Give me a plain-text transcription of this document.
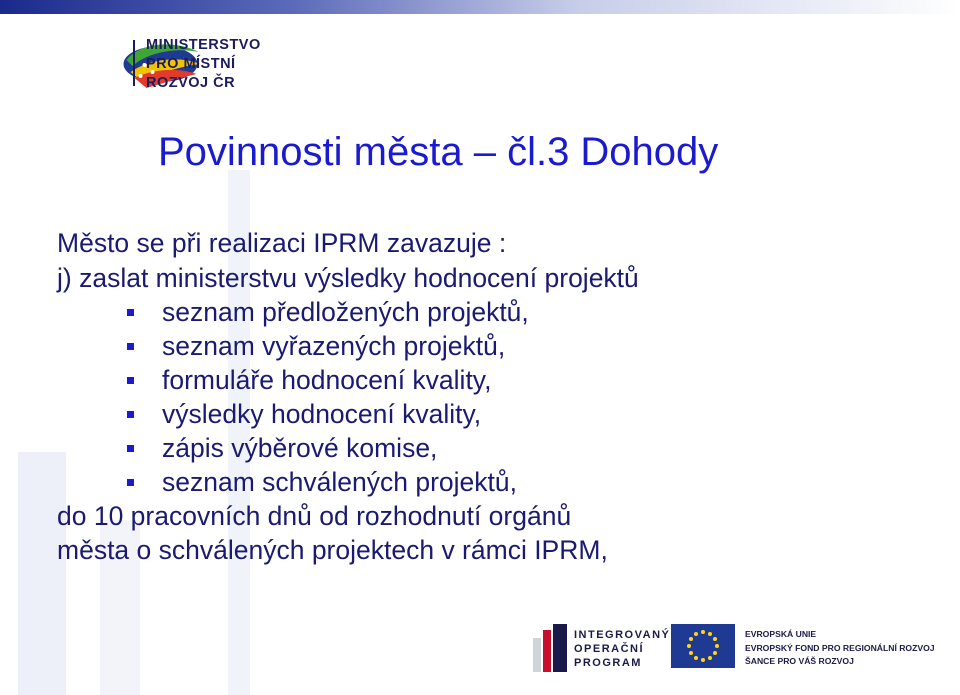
MINISTERSTVO
PRO MÍSTNÍ
ROZVOJ ČR
Povinnosti města – čl.3 Dohody
Město se při realizaci IPRM zavazuje :
j) zaslat ministerstvu výsledky hodnocení projektů
seznam předložených projektů,
seznam vyřazených projektů,
formuláře hodnocení kvality,
výsledky hodnocení kvality,
zápis výběrové komise,
seznam schválených projektů,
do 10 pracovních dnů od rozhodnutí orgánů
města o schválených projektech v rámci IPRM,
INTEGROVANÝ
OPERAČNÍ
PROGRAM
EVROPSKÁ UNIE
EVROPSKÝ FOND PRO REGIONÁLNÍ ROZVOJ
ŠANCE PRO VÁŠ ROZVOJ
